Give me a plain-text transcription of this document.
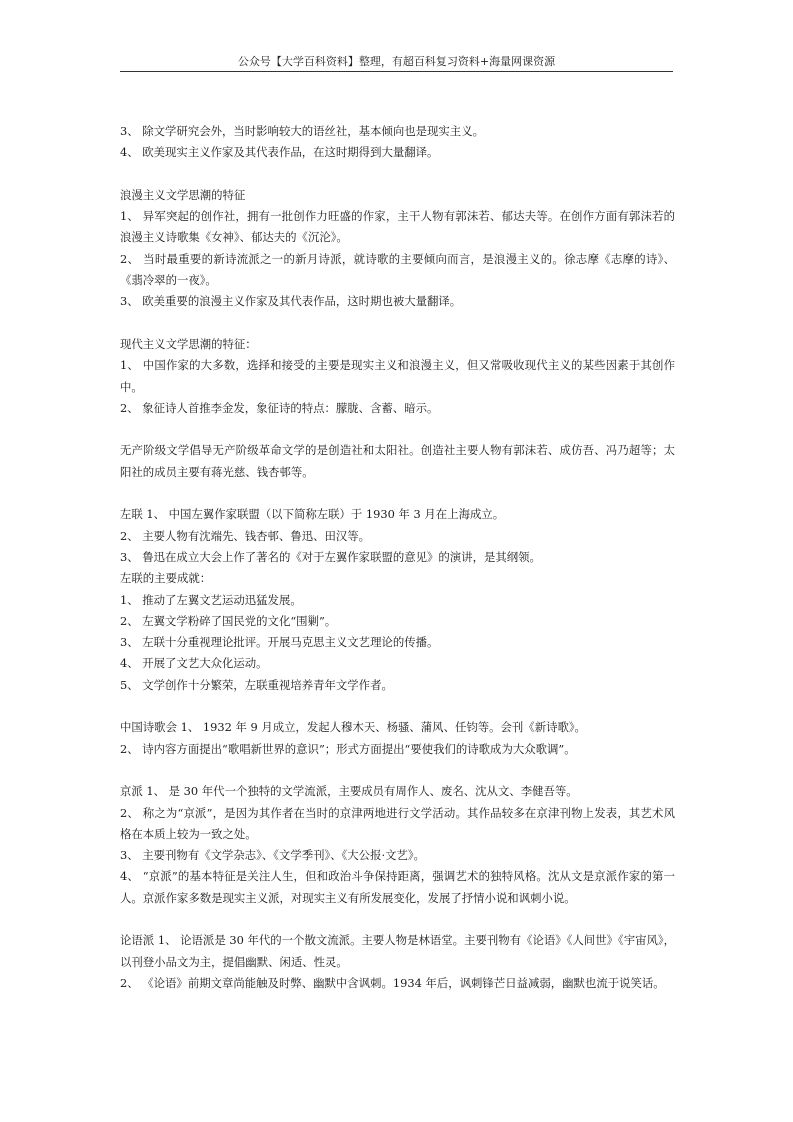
公众号【大学百科资料】整理，有超百科复习资料+海量网课资源

3、 除文学研究会外，当时影响较大的语丝社，基本倾向也是现实主义。

4、 欧美现实主义作家及其代表作品，在这时期得到大量翻译。

浪漫主义文学思潮的特征

1、 异军突起的创作社，拥有一批创作力旺盛的作家，主干人物有郭沫若、郁达夫等。在创作方面有郭沫若的浪漫主义诗歌集《女神》、郁达夫的《沉沦》。

2、 当时最重要的新诗流派之一的新月诗派，就诗歌的主要倾向而言，是浪漫主义的。徐志摩《志摩的诗》、《翡冷翠的一夜》。

3、 欧美重要的浪漫主义作家及其代表作品，这时期也被大量翻译。

现代主义文学思潮的特征：

1、 中国作家的大多数，选择和接受的主要是现实主义和浪漫主义，但又常吸收现代主义的某些因素于其创作中。

2、 象征诗人首推李金发，象征诗的特点：朦胧、含蓄、暗示。

无产阶级文学倡导无产阶级革命文学的是创造社和太阳社。创造社主要人物有郭沫若、成仿吾、冯乃超等；太阳社的成员主要有蒋光慈、钱杏邨等。

左联 1、 中国左翼作家联盟（以下简称左联）于 1930 年 3 月在上海成立。

2、 主要人物有沈端先、钱杏邨、鲁迅、田汉等。

3、 鲁迅在成立大会上作了著名的《对于左翼作家联盟的意见》的演讲，是其纲领。

左联的主要成就：

1、 推动了左翼文艺运动迅猛发展。

2、 左翼文学粉碎了国民党的文化“围剿”。

3、 左联十分重视理论批评。开展马克思主义文艺理论的传播。

4、 开展了文艺大众化运动。

5、 文学创作十分繁荣，左联重视培养青年文学作者。

中国诗歌会 1、 1932 年 9 月成立，发起人穆木天、杨骚、蒲风、任钧等。会刊《新诗歌》。

2、 诗内容方面提出“歌唱新世界的意识”；形式方面提出“要使我们的诗歌成为大众歌调”。

京派 1、 是 30 年代一个独特的文学流派，主要成员有周作人、废名、沈从文、李健吾等。

2、 称之为“京派”，是因为其作者在当时的京津两地进行文学活动。其作品较多在京津刊物上发表，其艺术风格在本质上较为一致之处。

3、 主要刊物有《文学杂志》、《文学季刊》、《大公报·文艺》。

4、 “京派”的基本特征是关注人生，但和政治斗争保持距离，强调艺术的独特风格。沈从文是京派作家的第一人。京派作家多数是现实主义派，对现实主义有所发展变化，发展了抒情小说和讽刺小说。

论语派 1、 论语派是 30 年代的一个散文流派。主要人物是林语堂。主要刊物有《论语》《人间世》《宇宙风》，以刊登小品文为主，提倡幽默、闲适、性灵。

2、 《论语》前期文章尚能触及时弊、幽默中含讽刺。1934 年后，讽刺锋芒日益减弱，幽默也流于说笑话。
